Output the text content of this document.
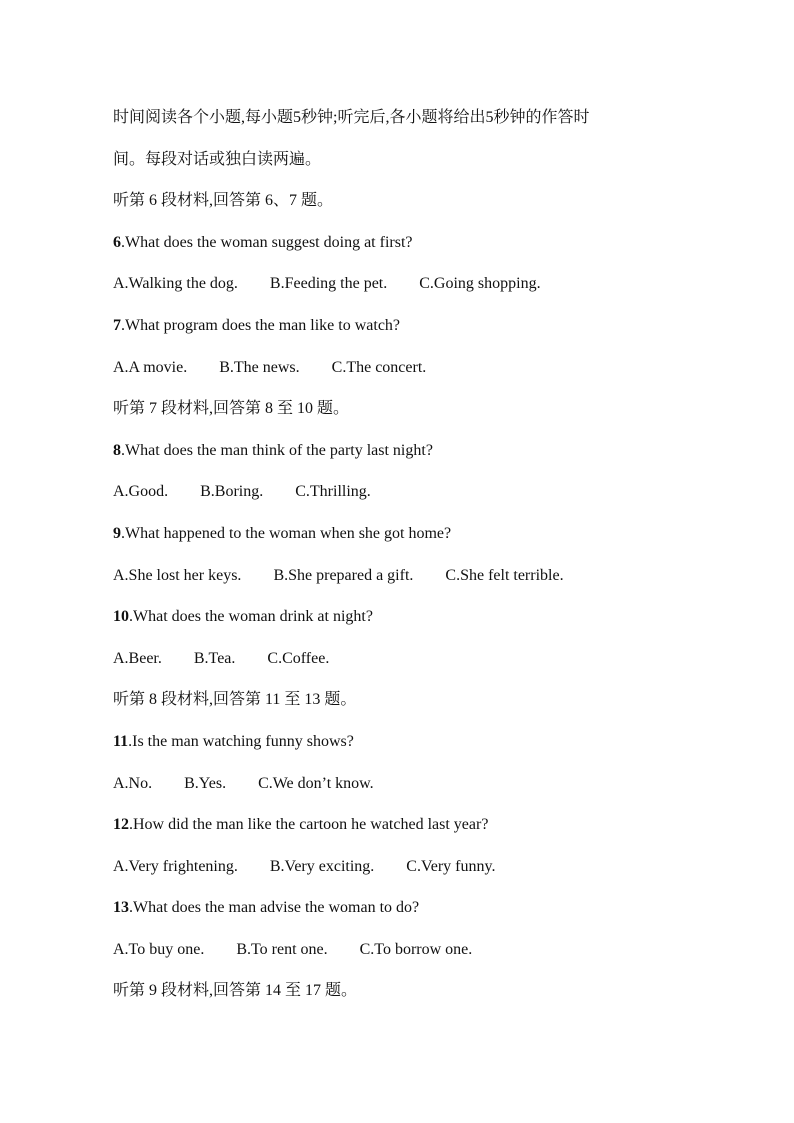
时间阅读各个小题,每小题5秒钟;听完后,各小题将给出5秒钟的作答时
间。每段对话或独白读两遍。
听第 6 段材料,回答第 6、7 题。
6.What does the woman suggest doing at first?
A.Walking the dog. B.Feeding the pet. C.Going shopping.
7.What program does the man like to watch?
A.A movie. B.The news. C.The concert.
听第 7 段材料,回答第 8 至 10 题。
8.What does the man think of the party last night?
A.Good. B.Boring. C.Thrilling.
9.What happened to the woman when she got home?
A.She lost her keys. B.She prepared a gift. C.She felt terrible.
10.What does the woman drink at night?
A.Beer. B.Tea. C.Coffee.
听第 8 段材料,回答第 11 至 13 题。
11.Is the man watching funny shows?
A.No. B.Yes. C.We don’t know.
12.How did the man like the cartoon he watched last year?
A.Very frightening. B.Very exciting. C.Very funny.
13.What does the man advise the woman to do?
A.To buy one. B.To rent one. C.To borrow one.
听第 9 段材料,回答第 14 至 17 题。
